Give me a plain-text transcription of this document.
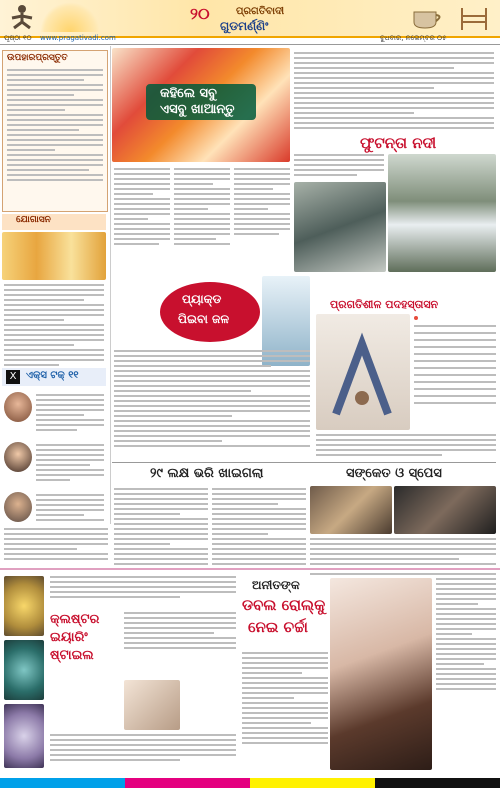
୨୦	ପ୍ରଗତିବାଦୀ
ଗୁଡମର୍ଣ୍ଣିଂ
ପୃଷ୍ଠା ୧୦ www.pragativadi.com	ବୁଧବାର, ନଭେମ୍ବର ୦୫
ଉପହାରପ୍ରସ୍ତୁତ
ଯୋଗାସନ
X ଏକ୍ସ ଟକ୍ ୧୧
କହିଲେ ସବୁ
ଏସବୁ ଖାଆନ୍ତୁ
ଫୁଟନ୍ତା ନଦୀ
ପ୍ୟାକ୍ଡ
ପିଇବା ଜଳ
ପ୍ରଗତିଶୀଳ ପଦହସ୍ତାସନ
୨୯ ଲକ୍ଷ ଭରି ଖାଇଗଲା	ସଙ୍କେତ ଓ ସ୍ପେସ
କ୍ଲଷ୍ଟର
ଇୟାରିଂ
ଷ୍ଟାଇଲ
ଅନୀତଙ୍କ
ଡବଲ ରୋଲ୍‌କୁ
ନେଇ ଚର୍ଚ୍ଚା
